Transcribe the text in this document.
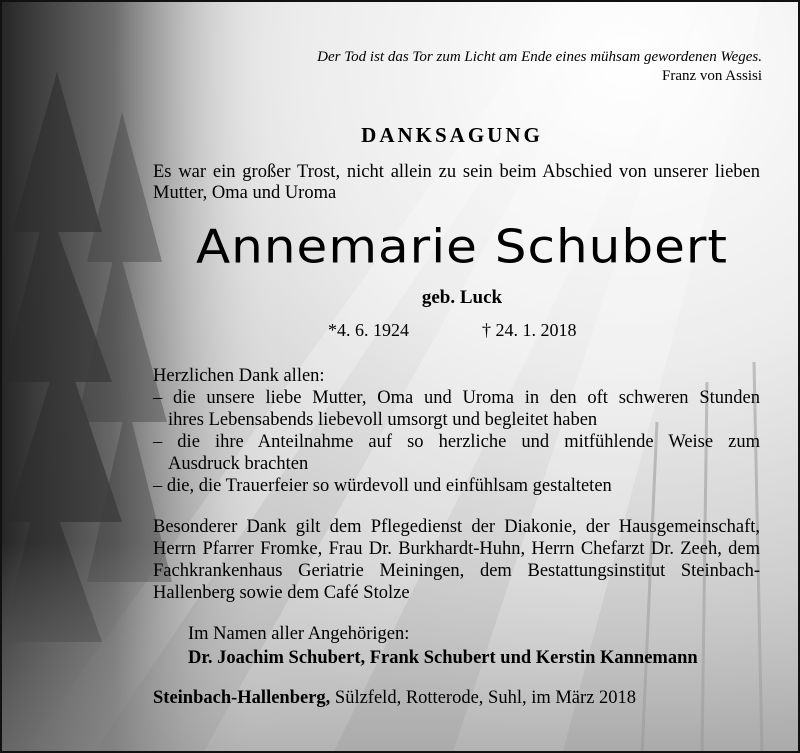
Der Tod ist das Tor zum Licht am Ende eines mühsam gewordenen Weges.
Franz von Assisi
DANKSAGUNG
Es war ein großer Trost, nicht allein zu sein beim Abschied von unserer lieben Mutter, Oma und Uroma
Annemarie Schubert
geb. Luck
*4. 6. 1924	† 24. 1. 2018
Herzlichen Dank allen:
– die unsere liebe Mutter, Oma und Uroma in den oft schweren Stunden
ihres Lebensabends liebevoll umsorgt und begleitet haben
– die ihre Anteilnahme auf so herzliche und mitfühlende Weise zum
Ausdruck brachten
– die, die Trauerfeier so würdevoll und einfühlsam gestalteten
Besonderer Dank gilt dem Pflegedienst der Diakonie, der Hausgemeinschaft, Herrn Pfarrer Fromke, Frau Dr. Burkhardt-Huhn, Herrn Chefarzt Dr. Zeeh, dem Fachkrankenhaus Geriatrie Meiningen, dem Bestattungsinstitut Steinbach-Hallenberg sowie dem Café Stolze
Im Namen aller Angehörigen:
Dr. Joachim Schubert, Frank Schubert und Kerstin Kannemann
Steinbach-Hallenberg, Sülzfeld, Rotterode, Suhl, im März 2018
